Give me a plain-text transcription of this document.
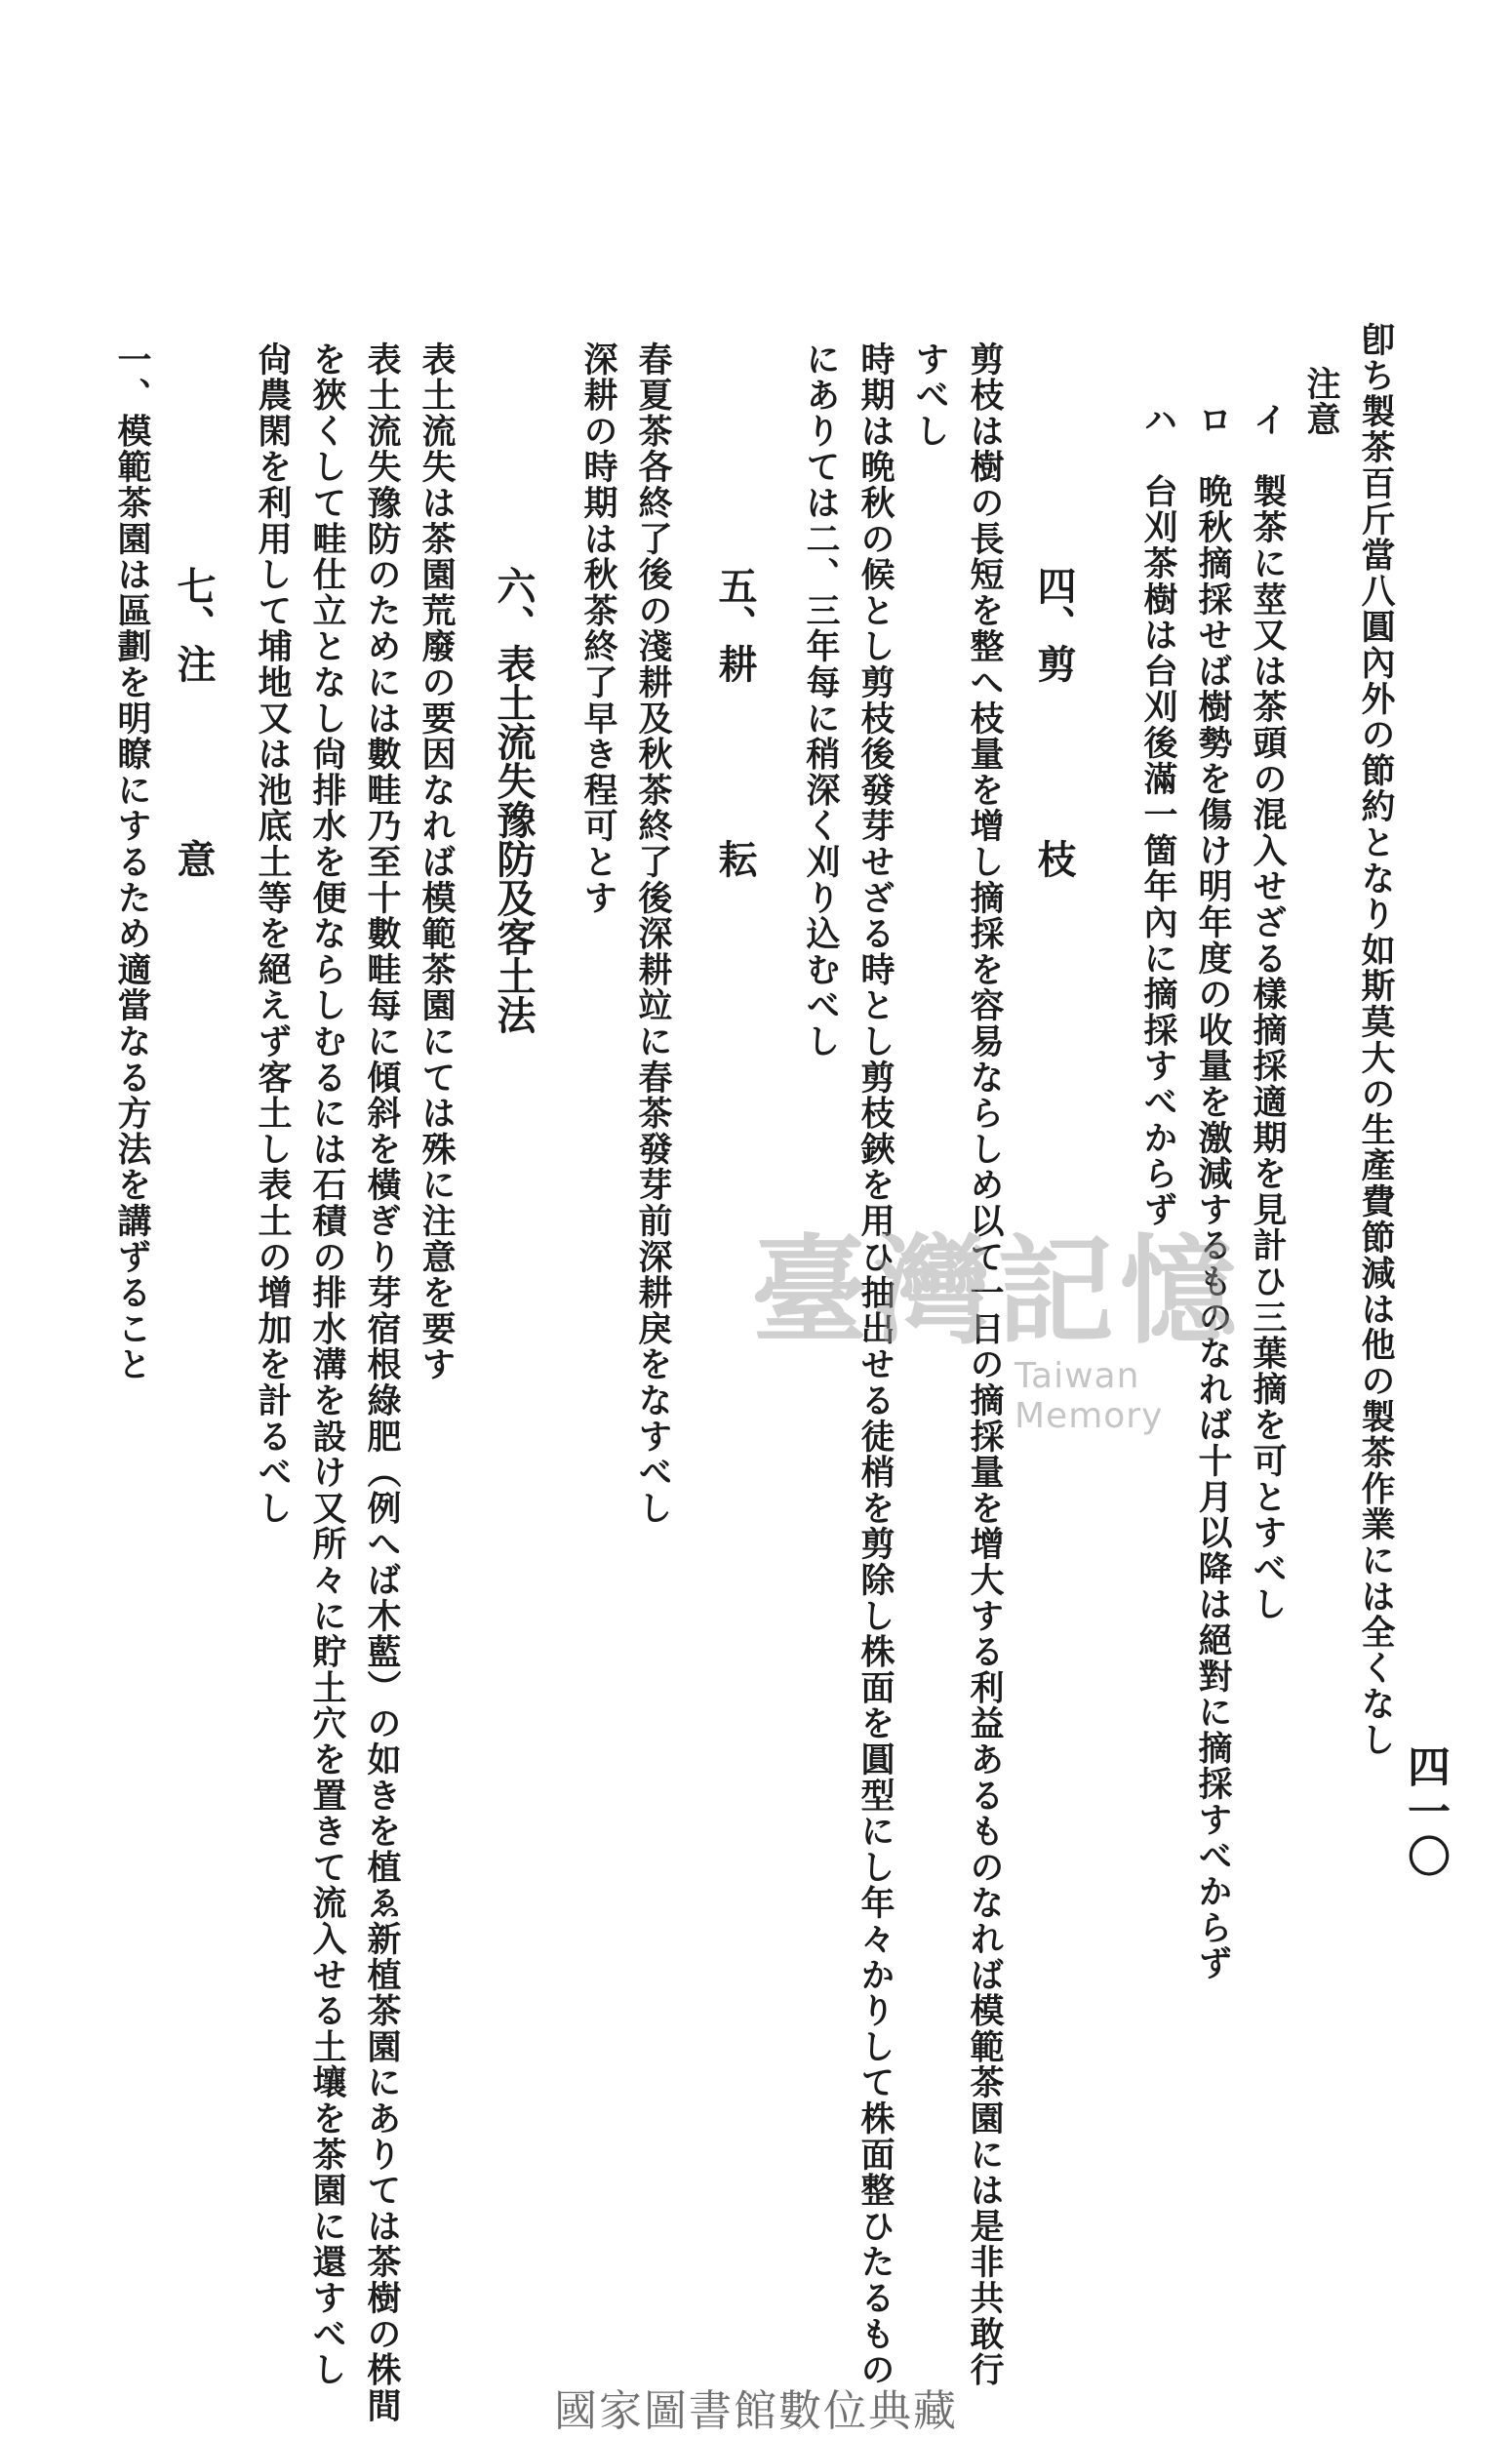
四一〇
卽ち製茶百斤當八圓內外の節約となり如斯莫大の生產費節減は他の製茶作業には全くなし
注意
イ　製茶に莖又は茶頭の混入せざる樣摘採適期を見計ひ三葉摘を可とすべし
ロ　晩秋摘採せば樹勢を傷け明年度の收量を激減するものなれば十月以降は絕對に摘採すべからず
ハ　台刈茶樹は台刈後滿一箇年內に摘採すべからず
四、剪　　　　枝
剪枝は樹の長短を整へ枝量を增し摘採を容易ならしめ以て一日の摘採量を增大する利益あるものなれば模範茶園には是非共敢行
すべし
時期は晩秋の候とし剪枝後發芽せざる時とし剪枝鋏を用ひ抽出せる徒梢を剪除し株面を圓型にし年々かりして株面整ひたるもの
にありては二、三年每に稍深く刈り込むべし
五、耕　　　　耘
春夏茶各終了後の淺耕及秋茶終了後深耕竝に春茶發芽前深耕戾をなすべし
深耕の時期は秋茶終了早き程可とす
六、表土流失豫防及客土法
表土流失は茶園荒廢の要因なれば模範茶園にては殊に注意を要す
表土流失豫防のためには數畦乃至十數畦每に傾斜を橫ぎり芽宿根綠肥（例へば木藍）の如きを植ゑ新植茶園にありては茶樹の株間
を狹くして畦仕立となし尙排水を便ならしむるには石積の排水溝を設け又所々に貯土穴を置きて流入せる土壤を茶園に還すべし
尙農閑を利用して埔地又は池底土等を絕えず客土し表土の增加を計るべし
七、注　　　　意
一、模範茶園は區劃を明瞭にするため適當なる方法を講ずること	臺灣記憶
Taiwan Memory
國家圖書館數位典藏
